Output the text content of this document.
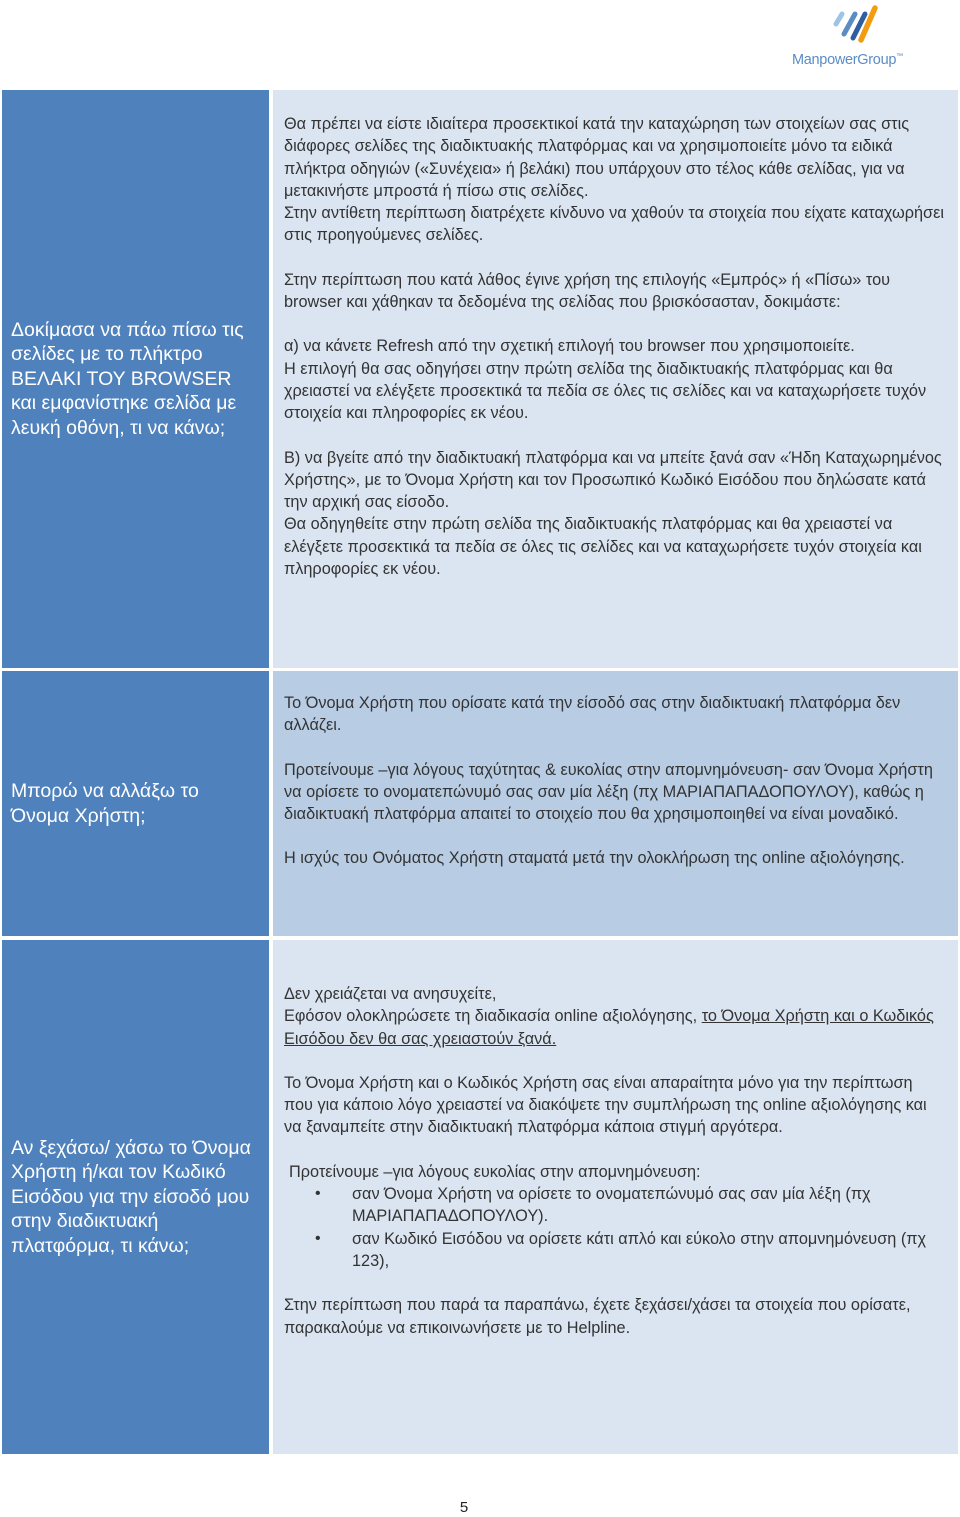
ManpowerGroup™
Δοκίμασα να πάω πίσω τις σελίδες με το πλήκτρο ΒΕΛΑΚΙ ΤΟΥ BROWSER και εμφανίστηκε σελίδα με λευκή οθόνη, τι να κάνω;

Θα πρέπει να είστε ιδιαίτερα προσεκτικοί κατά την καταχώρηση των στοιχείων σας στις διάφορες σελίδες της διαδικτυακής πλατφόρμας και να χρησιμοποιείτε μόνο τα ειδικά πλήκτρα οδηγιών («Συνέχεια» ή βελάκι) που υπάρχουν στο τέλος κάθε σελίδας, για να μετακινήστε μπροστά ή πίσω στις σελίδες.

Στην αντίθετη περίπτωση διατρέχετε κίνδυνο να χαθούν τα στοιχεία που είχατε καταχωρήσει στις προηγούμενες σελίδες.

Στην περίπτωση που κατά λάθος έγινε χρήση της επιλογής «Εμπρός» ή «Πίσω» του browser και χάθηκαν τα δεδομένα της σελίδας που βρισκόσασταν, δοκιμάστε:

α) να κάνετε Refresh από την σχετική επιλογή του browser που χρησιμοποιείτε.

Η επιλογή θα σας οδηγήσει στην πρώτη σελίδα της διαδικτυακής πλατφόρμας και θα χρειαστεί να ελέγξετε προσεκτικά τα πεδία σε όλες τις σελίδες και να καταχωρήσετε τυχόν στοιχεία και πληροφορίες εκ νέου.

Β) να βγείτε από την διαδικτυακή πλατφόρμα και να μπείτε ξανά σαν «Ήδη Καταχωρημένος Χρήστης», με το Όνομα Χρήστη και τον Προσωπικό Κωδικό Εισόδου που δηλώσατε κατά την αρχική σας είσοδο.

Θα οδηγηθείτε στην πρώτη σελίδα της διαδικτυακής πλατφόρμας και θα χρειαστεί να ελέγξετε προσεκτικά τα πεδία σε όλες τις σελίδες και να καταχωρήσετε τυχόν στοιχεία και πληροφορίες εκ νέου.

Μπορώ να αλλάξω το Όνομα Χρήστη;

Το Όνομα Χρήστη που ορίσατε κατά την είσοδό σας στην διαδικτυακή πλατφόρμα δεν αλλάζει.

Προτείνουμε –για λόγους ταχύτητας & ευκολίας στην απομνημόνευση- σαν Όνομα Χρήστη να ορίσετε το ονοματεπώνυμό σας σαν μία λέξη (πχ ΜΑΡΙΑΠΑΠΑΔΟΠΟΥΛΟΥ), καθώς η διαδικτυακή πλατφόρμα απαιτεί το στοιχείο που θα χρησιμοποιηθεί να είναι μοναδικό.

Η ισχύς του Ονόματος Χρήστη σταματά μετά την ολοκλήρωση της online αξιολόγησης.

Αν ξεχάσω/ χάσω το Όνομα Χρήστη ή/και τον Κωδικό Εισόδου για την είσοδό μου στην διαδικτυακή πλατφόρμα, τι κάνω;

Δεν χρειάζεται να ανησυχείτε,

Εφόσον ολοκληρώσετε τη διαδικασία online αξιολόγησης, το Όνομα Χρήστη και ο Κωδικός Εισόδου δεν θα σας χρειαστούν ξανά.

Το Όνομα Χρήστη και ο Κωδικός Χρήστη σας είναι απαραίτητα μόνο για την περίπτωση που για κάποιο λόγο χρειαστεί να διακόψετε την συμπλήρωση της online αξιολόγησης και να ξαναμπείτε στην διαδικτυακή πλατφόρμα κάποια στιγμή αργότερα.

Προτείνουμε –για λόγους ευκολίας στην απομνημόνευση:

• σαν Όνομα Χρήστη να ορίσετε το ονοματεπώνυμό σας σαν μία λέξη (πχ ΜΑΡΙΑΠΑΠΑΔΟΠΟΥΛΟΥ).
• σαν Κωδικό Εισόδου να ορίσετε κάτι απλό και εύκολο στην απομνημόνευση (πχ 123),

Στην περίπτωση που παρά τα παραπάνω, έχετε ξεχάσει/χάσει τα στοιχεία που ορίσατε, παρακαλούμε να επικοινωνήσετε με το Helpline.

5
